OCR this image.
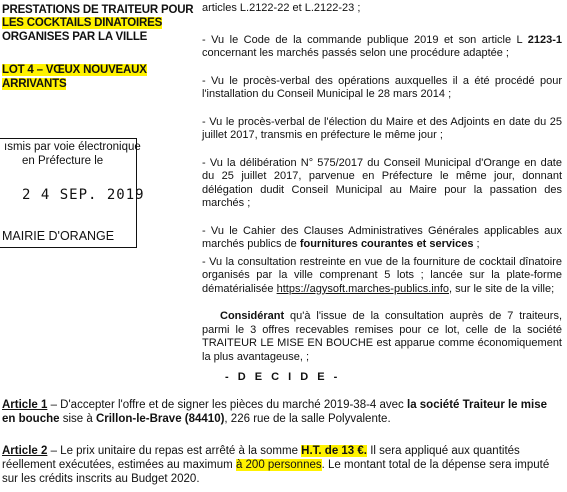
PRESTATIONS DE TRAITEUR POUR
LES COCKTAILS DINATOIRES
ORGANISES PAR LA VILLE
LOT 4 – VŒUX NOUVEAUX
ARRIVANTS
ısmis par voie électronique
en Préfecture le
2 4 SEP. 2019
MAIRIE D'ORANGE

articles L.2122-22 et L.2122-23 ;

- Vu le Code de la commande publique 2019 et son article L 2123-1 concernant les marchés passés selon une procédure adaptée ;

- Vu le procès-verbal des opérations auxquelles il a été procédé pour l'installation du Conseil Municipal le 28 mars 2014 ;

- Vu le procès-verbal de l'élection du Maire et des Adjoints en date du 25 juillet 2017, transmis en préfecture le même jour ;

- Vu la délibération N° 575/2017 du Conseil Municipal d'Orange en date du 25 juillet 2017, parvenue en Préfecture le même jour, donnant délégation dudit Conseil Municipal au Maire pour la passation des marchés ;

- Vu le Cahier des Clauses Administratives Générales applicables aux marchés publics de fournitures courantes et services ;

- Vu la consultation restreinte en vue de la fourniture de cocktail dînatoire organisés par la ville comprenant 5 lots ; lancée sur la plate-forme dématérialisée https://agysoft.marches-publics.info, sur le site de la ville;

Considérant qu'à l'issue de la consultation auprès de 7 traiteurs, parmi le 3 offres recevables remises pour ce lot, celle de la société TRAITEUR LE MISE EN BOUCHE est apparue comme économiquement la plus avantageuse, ;

- D E C I D E -

Article 1 – D'accepter l'offre et de signer les pièces du marché 2019-38-4 avec la société Traiteur le mise en bouche sise à Crillon-le-Brave (84410), 226 rue de la salle Polyvalente.

Article 2 – Le prix unitaire du repas est arrêté à la somme H.T. de 13 €. Il sera appliqué aux quantités réellement exécutées, estimées au maximum à 200 personnes. Le montant total de la dépense sera imputé sur les crédits inscrits au Budget 2020.
